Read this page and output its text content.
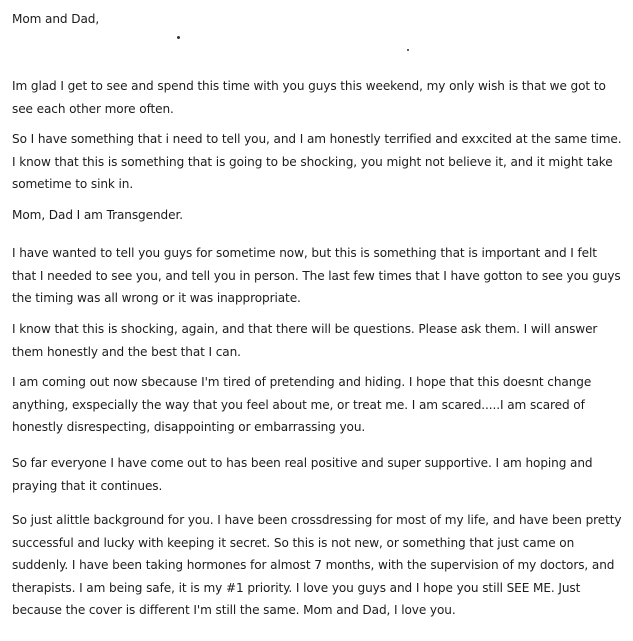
Mom and Dad,

Im glad I get to see and spend this time with you guys this weekend, my only wish is that we got to see each other more often.

So I have something that i need to tell you, and I am honestly terrified and exxcited at the same time. I know that this is something that is going to be shocking, you might not believe it, and it might take sometime to sink in.

Mom, Dad I am Transgender.

I have wanted to tell you guys for sometime now, but this is something that is important and I felt that I needed to see you, and tell you in person. The last few times that I have gotton to see you guys the timing was all wrong or it was inappropriate.

I know that this is shocking, again, and that there will be questions. Please ask them. I will answer them honestly and the best that I can.

I am coming out now sbecause I'm tired of pretending and hiding. I hope that this doesnt change anything, exspecially the way that you feel about me, or treat me. I am scared.....I am scared of honestly disrespecting, disappointing or embarrassing you.

So far everyone I have come out to has been real positive and super supportive. I am hoping and praying that it continues.

So just alittle background for you. I have been crossdressing for most of my life, and have been pretty successful and lucky with keeping it secret. So this is not new, or something that just came on suddenly. I have been taking hormones for almost 7 months, with the supervision of my doctors, and therapists. I am being safe, it is my #1 priority. I love you guys and I hope you still SEE ME. Just because the cover is different I'm still the same. Mom and Dad, I love you.
